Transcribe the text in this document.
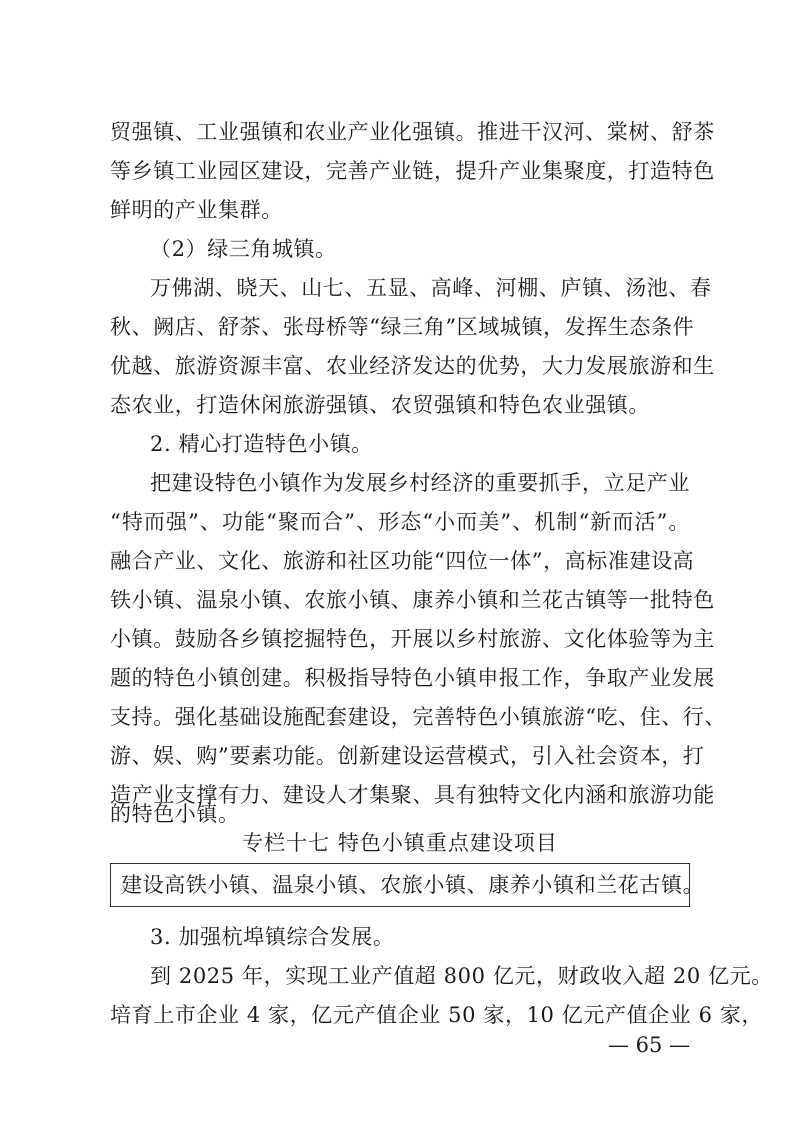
贸强镇、工业强镇和农业产业化强镇。推进干汉河、棠树、舒茶
等乡镇工业园区建设，完善产业链，提升产业集聚度，打造特色
鲜明的产业集群。
（2）绿三角城镇。
万佛湖、晓天、山七、五显、高峰、河棚、庐镇、汤池、春
秋、阙店、舒茶、张母桥等“绿三角”区域城镇，发挥生态条件
优越、旅游资源丰富、农业经济发达的优势，大力发展旅游和生
态农业，打造休闲旅游强镇、农贸强镇和特色农业强镇。
2. 精心打造特色小镇。
把建设特色小镇作为发展乡村经济的重要抓手，立足产业
“特而强”、功能“聚而合”、形态“小而美”、机制“新而活”。
融合产业、文化、旅游和社区功能“四位一体”，高标准建设高
铁小镇、温泉小镇、农旅小镇、康养小镇和兰花古镇等一批特色
小镇。鼓励各乡镇挖掘特色，开展以乡村旅游、文化体验等为主
题的特色小镇创建。积极指导特色小镇申报工作，争取产业发展
支持。强化基础设施配套建设，完善特色小镇旅游“吃、住、行、
游、娱、购”要素功能。创新建设运营模式，引入社会资本，打
造产业支撑有力、建设人才集聚、具有独特文化内涵和旅游功能
的特色小镇。
专栏十七 特色小镇重点建设项目
建设高铁小镇、温泉小镇、农旅小镇、康养小镇和兰花古镇。
3. 加强杭埠镇综合发展。
到 2025 年，实现工业产值超 800 亿元，财政收入超 20 亿元。
培育上市企业 4 家，亿元产值企业 50 家，10 亿元产值企业 6 家，
— 65 —
